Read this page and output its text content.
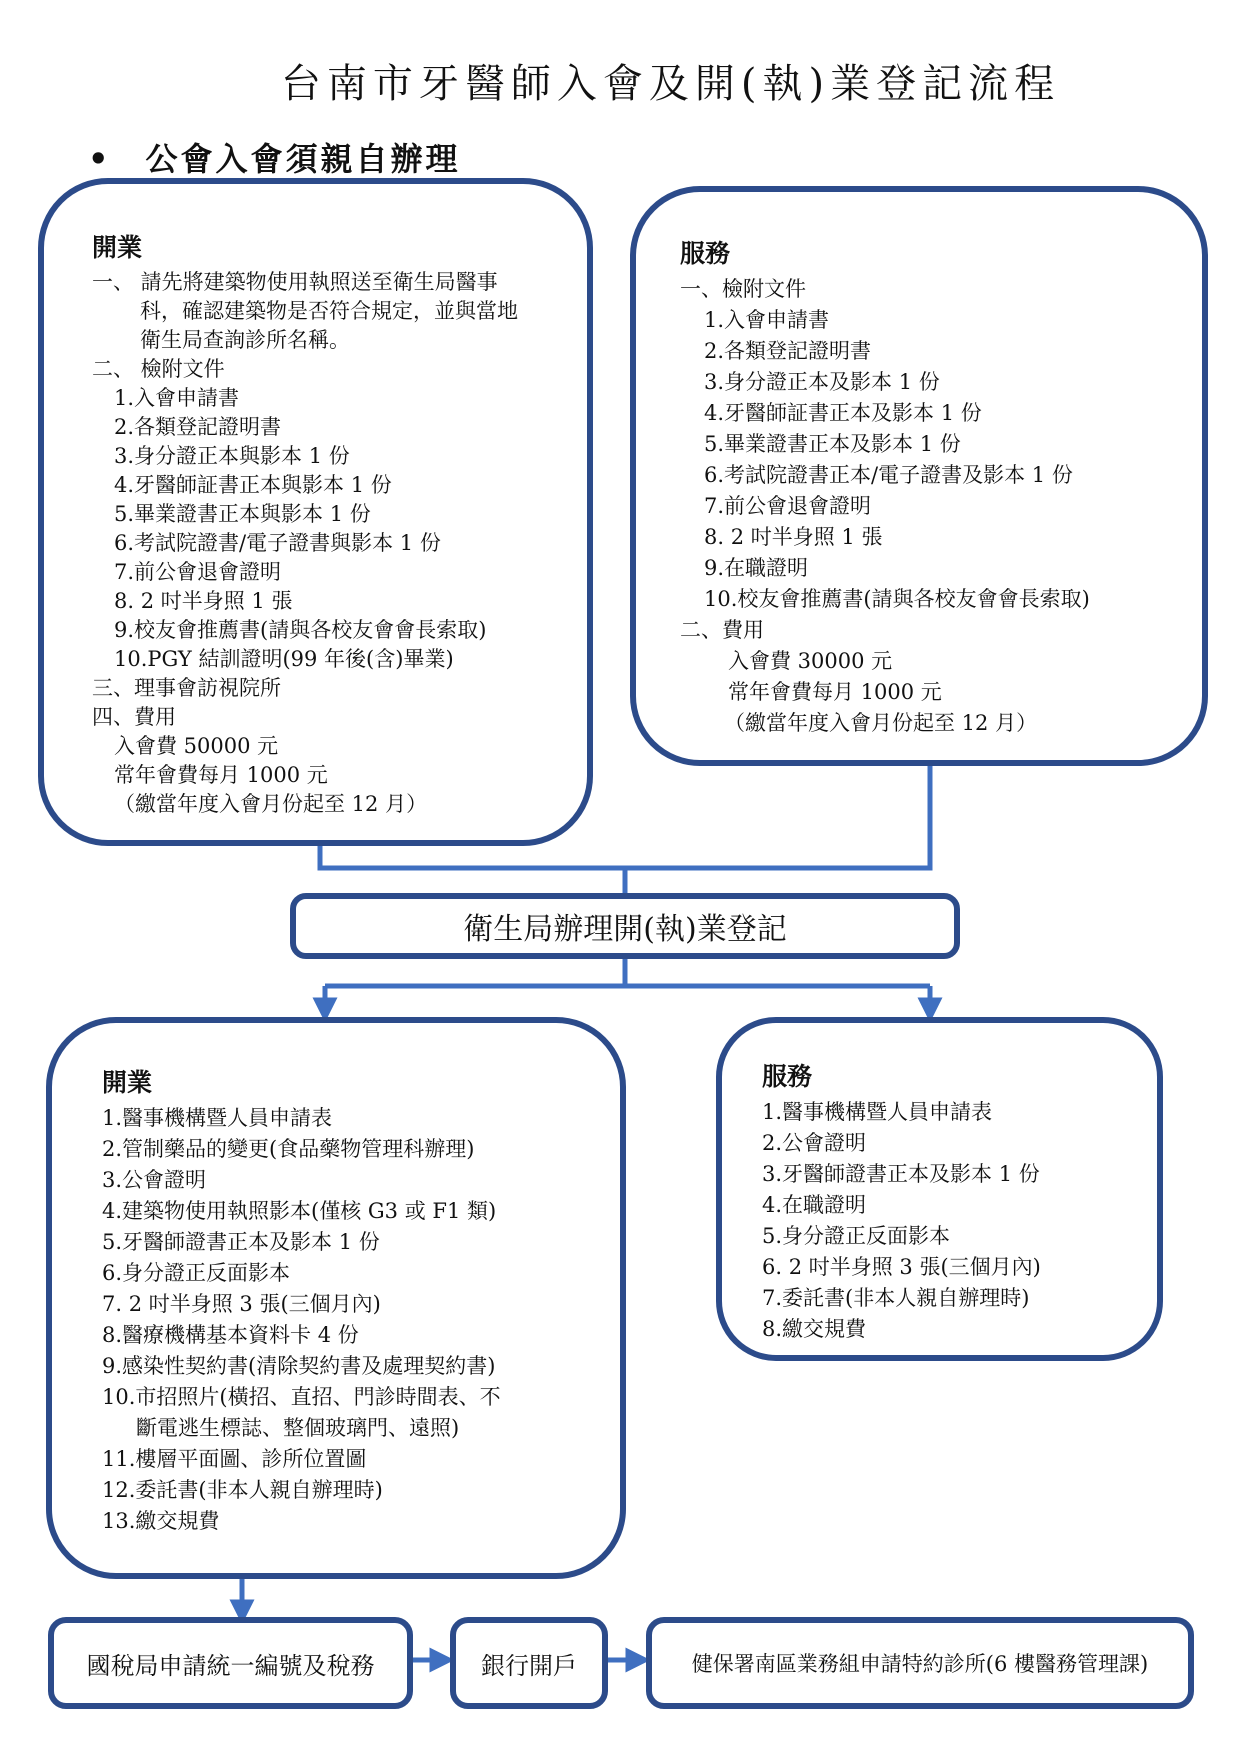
台南市牙醫師入會及開(執)業登記流程
• 公會入會須親自辦理
開業
一、 請先將建築物使用執照送至衛生局醫事
科，確認建築物是否符合規定，並與當地
衛生局查詢診所名稱。
二、 檢附文件
1.入會申請書
2.各類登記證明書
3.身分證正本與影本 1 份
4.牙醫師証書正本與影本 1 份
5.畢業證書正本與影本 1 份
6.考試院證書/電子證書與影本 1 份
7.前公會退會證明
8. 2 吋半身照 1 張
9.校友會推薦書(請與各校友會會長索取)
10.PGY 結訓證明(99 年後(含)畢業)
三、理事會訪視院所
四、費用
入會費 50000 元
常年會費每月 1000 元
（繳當年度入會月份起至 12 月）
服務
一、檢附文件
1.入會申請書
2.各類登記證明書
3.身分證正本及影本 1 份
4.牙醫師証書正本及影本 1 份
5.畢業證書正本及影本 1 份
6.考試院證書正本/電子證書及影本 1 份
7.前公會退會證明
8. 2 吋半身照 1 張
9.在職證明
10.校友會推薦書(請與各校友會會長索取)
二、費用
入會費 30000 元
常年會費每月 1000 元
（繳當年度入會月份起至 12 月）
衛生局辦理開(執)業登記
開業
1.醫事機構暨人員申請表
2.管制藥品的變更(食品藥物管理科辦理)
3.公會證明
4.建築物使用執照影本(僅核 G3 或 F1 類)
5.牙醫師證書正本及影本 1 份
6.身分證正反面影本
7. 2 吋半身照 3 張(三個月內)
8.醫療機構基本資料卡 4 份
9.感染性契約書(清除契約書及處理契約書)
10.市招照片(橫招、直招、門診時間表、不
斷電逃生標誌、整個玻璃門、遠照)
11.樓層平面圖、診所位置圖
12.委託書(非本人親自辦理時)
13.繳交規費
服務
1.醫事機構暨人員申請表
2.公會證明
3.牙醫師證書正本及影本 1 份
4.在職證明
5.身分證正反面影本
6. 2 吋半身照 3 張(三個月內)
7.委託書(非本人親自辦理時)
8.繳交規費
國稅局申請統一編號及稅務	銀行開戶	健保署南區業務組申請特約診所(6 樓醫務管理課)
